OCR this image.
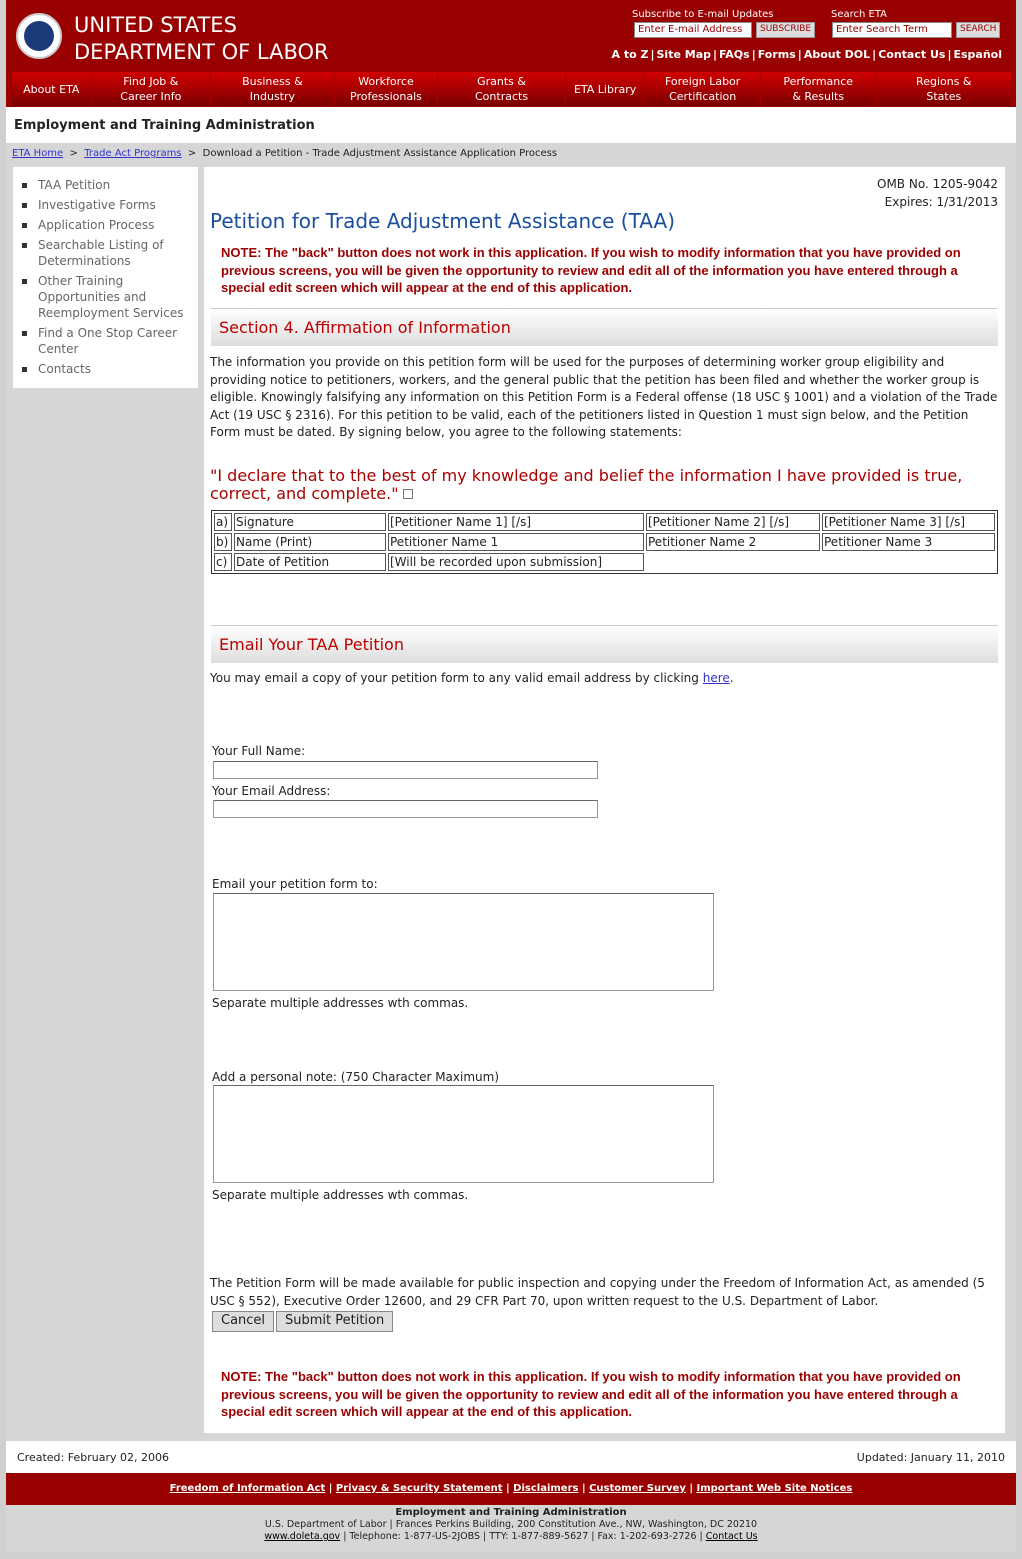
UNITED STATES
DEPARTMENT OF LABOR
Subscribe to E-mail Updates
Enter E-mail Address	SUBSCRIBE
Search ETA
Enter Search Term	SEARCH
A to Z | Site Map | FAQs | Forms | About DOL | Contact Us | Español
About ETA
Find Job & Career Info
Business & Industry
Workforce Professionals
Grants & Contracts
ETA Library
Foreign Labor Certification
Performance & Results
Regions & States
Employment and Training Administration
ETA Home  >  Trade Act Programs  >  Download a Petition - Trade Adjustment Assistance Application Process
TAA Petition
Investigative Forms
Application Process
Searchable Listing of Determinations
Other Training Opportunities and Reemployment Services
Find a One Stop Career Center
Contacts
OMB No. 1205-9042
Expires: 1/31/2013
Petition for Trade Adjustment Assistance (TAA)
NOTE: The "back" button does not work in this application. If you wish to modify information that you have provided on previous screens, you will be given the opportunity to review and edit all of the information you have entered through a special edit screen which will appear at the end of this application.
Section 4. Affirmation of Information
The information you provide on this petition form will be used for the purposes of determining worker group eligibility and providing notice to petitioners, workers, and the general public that the petition has been filed and whether the worker group is eligible. Knowingly falsifying any information on this Petition Form is a Federal offense (18 USC § 1001) and a violation of the Trade Act (19 USC § 2316). For this petition to be valid, each of the petitioners listed in Question 1 must sign below, and the Petition Form must be dated. By signing below, you agree to the following statements:
"I declare that to the best of my knowledge and belief the information I have provided is true, correct, and complete."
a)	Signature	[Petitioner Name 1] [/s]	[Petitioner Name 2] [/s]	[Petitioner Name 3] [/s]
b)	Name (Print)	Petitioner Name 1	Petitioner Name 2	Petitioner Name 3
c)	Date of Petition	[Will be recorded upon submission]		
Email Your TAA Petition
You may email a copy of your petition form to any valid email address by clicking here.
Your Full Name:
Your Email Address:
Email your petition form to:
Separate multiple addresses wth commas.
Add a personal note: (750 Character Maximum)
Separate multiple addresses wth commas.
The Petition Form will be made available for public inspection and copying under the Freedom of Information Act, as amended (5 USC § 552), Executive Order 12600, and 29 CFR Part 70, upon written request to the U.S. Department of Labor.
Cancel	Submit Petition
NOTE: The "back" button does not work in this application. If you wish to modify information that you have provided on previous screens, you will be given the opportunity to review and edit all of the information you have entered through a special edit screen which will appear at the end of this application.
Created: February 02, 2006	Updated: January 11, 2010
Freedom of Information Act | Privacy & Security Statement | Disclaimers | Customer Survey | Important Web Site Notices
Employment and Training Administration
U.S. Department of Labor | Frances Perkins Building, 200 Constitution Ave., NW, Washington, DC 20210
www.doleta.gov | Telephone: 1-877-US-2JOBS | TTY: 1-877-889-5627 | Fax: 1-202-693-2726 | Contact Us
